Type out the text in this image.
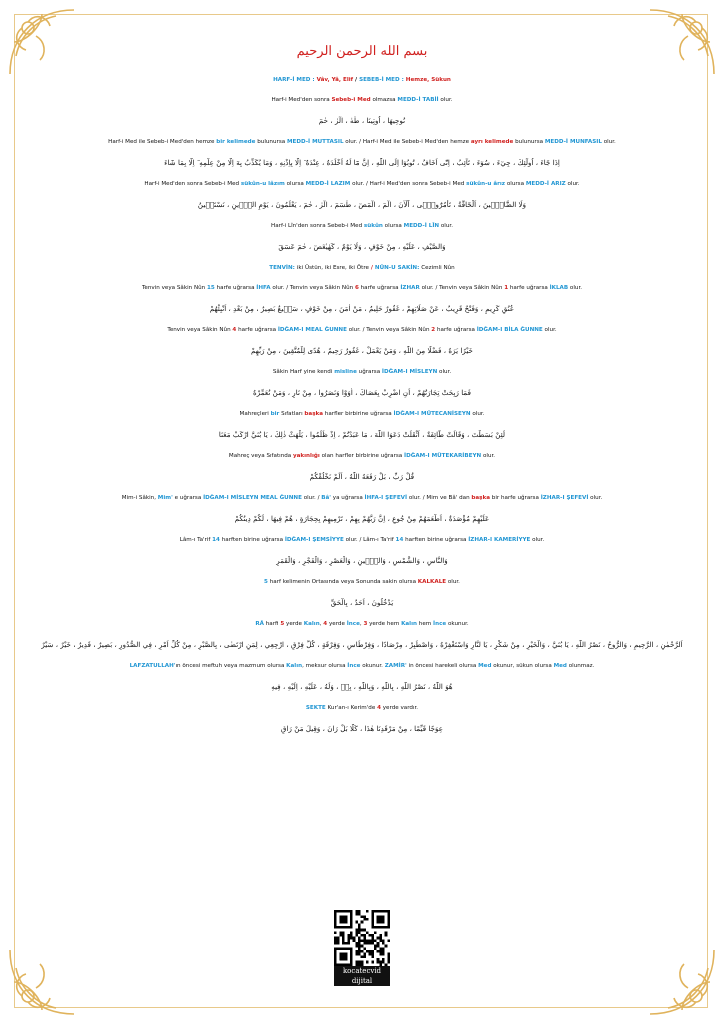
بسم الله الرحمن الرحيم

HARF-İ MED : Vâv, Yâ, Elif / SEBEB-İ MED : Hemze, Sükun

Harf-i Med'den sonra Sebeb-i Med olmazsa MEDD-İ TABİİ olur.

نُوحِيهَا ، اُوتِينَا ، طٰهٰ ، الٓرٰ ، حٰمٓ

Harf-i Med ile Sebeb-i Med'den hemze bir kelimede bulunursa MEDD-İ MUTTASIL olur. / Harf-i Med ile Sebeb-i Med'den hemze ayrı kelimede bulunursa MEDD-İ MUNFASIL olur.

اِذَا جَٓاءَ ، اُولٰٓئِكَ ، جِيٓءَ ، سُوٓءَ ، تَآئِبُ ، اِنّٓى اَخَافُ ، تُوبُوٓا اِلَى اللّٰهِ ، اِنَّ مَٓا لَهُ اَخْلَدَهُ ، عِنْدَهُ ٓ اِلَّا بِاِذْنِهِ ، وَمَا يُكَذِّبُ بِهٓ اِلَّا مِنْ عِلْمِهِ ٓ اِلَّا بِمَا شَٓاءَ

Harf-i Med'den sonra Sebeb-i Med sükûn-u lâzım olursa MEDD-İ LAZIM olur. / Harf-i Med'den sonra Sebeb-i Med sükûn-u ârız olursa MEDD-İ ARIZ olur.

وَلَا الضَّٓالّٖينَ ، اَلْحَٓاقَّةُ ، تَأْمُرُٓونّٖى ، اَٰلْاٰنَ ، الٓمٓ ، الٓمٓصٓ ، طٰسٓمٓ ، الٓرٰ ، حٰمٓ ، يَعْلَمُونَ ، يَوْمِ الدّٖينِ ، نَسْتَعٖينُ

Harf-i Lîn'den sonra Sebeb-i Med sükûn olursa MEDD-İ LÎN olur.

وَالصَّيْفِ ، عَلَيْهِ ، مِنْ خَوْفٍ ، وَلَا يَوْمٌ ، كٓهٰيٰعٓصٓ ، حٰمٓ عٓسٓقٓ

TENVİN: iki Üstün, iki Esre, iki Ötre / NÛN-U SAKİN: Cezimli Nûn

Tenvin veya Sâkin Nûn 15 harfe uğrarsa İHFA olur. / Tenvin veya Sâkin Nûn 6 harfe uğrarsa İZHAR olur. / Tenvin veya Sâkin Nûn 1 harfe uğrarsa İKLAB olur.

عُنُقٍ كَرِيمٍ ، وَفَتْحٌ قَرِيبٌ ، عَنْ صَلَاتِهِمْ ، غَفُورٌ حَلِيمٌ ، مَنْ اٰمَنَ ، مِنْ خَوْفٍ ، سَمٖيعٌ بَصِيرٌ ، مِنْ بَعْدِ ، اَنْبِئْهُمْ

Tenvin veya Sâkin Nûn 4 harfe uğrarsa İDĞAM-I MEAL ĞUNNE olur. / Tenvin veya Sâkin Nûn 2 harfe uğrarsa İDĞAM-I BİLA ĞUNNE olur.

خَيْرًا يَرَهُ ، فَضْلًا مِنَ اللّٰهِ ، وَمَنْ يَعْمَلْ ، غَفُورٌ رَحِيمٌ ، هُدًى لِلْمُتَّقِينَ ، مِنْ رَبِّهِمْ

Sâkin Harf yine kendi misline uğrarsa İDĞAM-I MİSLEYN olur.

فَمَا رَبِحَتْ تِجَارَتُهُمْ ، اَنِ اضْرِبْ بِعَصَاكَ ، اٰوَوْا وَنَصَرُوا ، مِنْ نَارٍ ، وَمَنْ نُعَمِّرْهُ

Mahreçleri bir Sıfatları başka harfler birbirine uğrarsa İDĞAM-I MÜTECANİSEYN olur.

لَئِنْ بَسَطْتَ ، وَقَالَتْ طَٓائِفَةٌ ، اَثْقَلَتْ دَعَوَا اللّٰهَ ، مَا عَبَدْتُمْ ، اِذْ ظَلَمُوا ، يَلْهَثْ ذٰلِكَ ، يَا بُنَيَّ ارْكَبْ مَعَنَا

Mahreç veya Sıfatında yakınlığı olan harfler birbirine uğrarsa İDĞAM-I MÜTEKARİBEYN olur.

قُلْ رَبِّ ، بَلْ رَفَعَهُ اللّٰهُ ، اَلَمْ نَخْلُقْكُمْ

Mim-i Sâkin, Mim' e uğrarsa İDĞAM-I MİSLEYN MEAL ĞUNNE olur. / Bâ' ya uğrarsa İHFA-I ŞEFEVİ olur. / Mim ve Bâ' dan başka bir harfe uğrarsa İZHAR-I ŞEFEVİ olur.

عَلَيْهِمْ مُؤْصَدَةٌ ، اَطْعَمَهُمْ مِنْ جُوعٍ ، اِنَّ رَبَّهُمْ بِهِمْ ، تَرْمِيهِمْ بِحِجَارَةٍ ، هُمْ فِيهَا ، لَكُمْ دِينُكُمْ

Lâm-ı Ta'rif 14 harften birine uğrarsa İDĞAM-I ŞEMSİYYE olur. / Lâm-ı Ta'rif 14 harften birine uğrarsa İZHAR-I KAMERİYYE olur.

وَالنَّاسِ ، وَالشَّمْسِ ، وَالتّٖينِ ، وَالْعَصْرِ ، وَالْفَجْرِ ، وَالْقَمَرِ

5 harf kelimenin Ortasında veya Sonunda sakin olursa KALKALE olur.

يَدْخُلُونَ ، اَحَدٌ ، بِالْحَقِّ

RÂ harfi 5 yerde Kalın, 4 yerde İnce, 3 yerde hem Kalın hem İnce okunur.

اَلرَّحْمٰنِ ، الرَّحِيمِ ، وَالرُّوحُ ، نَصْرُ اللّٰهِ ، يَا بُنَيَّ ، وَالْخَيْرِ ، مِنْ شَكْرٍ ، يَا لنَّارِ وَاسْتَغْفِرْهُ ، وَاصْطَبِرْ ، مِرْصَادًا ، وَفِرْطَاسٍ ، وَفِرْقَةٍ ، كُلُّ فِرْقٍ ، ارْجِعِي ، لِمَنِ ارْتَضٰى ، بِالصَّبْرِ ، مِنْ كُلِّ اَمْرٍ ، فِي الصُّدُورِ ، بَصِيرٌ ، قَدِيرٌ ، خَيْرٌ ، سَيْرٌ

LAFZATULLAH'ın öncesi meftuh veya mazmum olursa Kalın, meksur olursa İnce okunur. ZAMİR' in öncesi harekeli olursa Med okunur, sükun olursa Med olunmaz.

هُوَ اللّٰهُ ، نَصْرُ اللّٰهِ ، بِاللّٰهِ ، وَبِاللّٰهِ ، بِهٖ ، وَلَهُ ، عَلَيْهِ ، اِلَيْهِ ، فِيهِ

SEKTE Kur'an-ı Kerim'de 4 yerde vardır.

عِوَجًا قَيِّمًا ، مِنْ مَرْقَدِنَا هٰذَا ، كَلَّا بَلْ رَانَ ، وَقِيلَ مَنْ رَاقٍ

kocatecvid dijital
